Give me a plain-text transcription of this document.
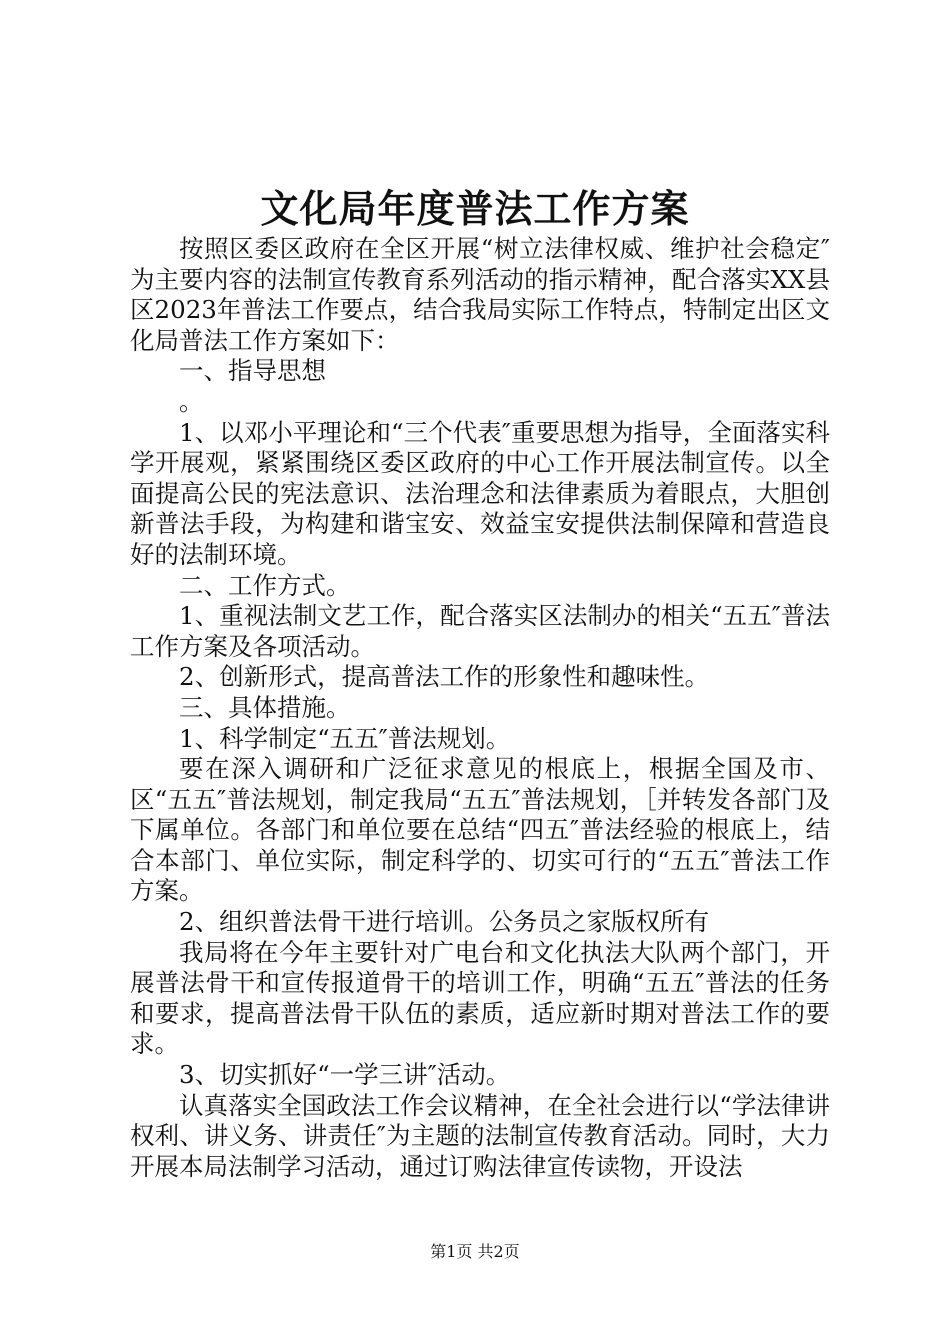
文化局年度普法工作方案

按照区委区政府在全区开展“树立法律权威、维护社会稳定″为主要内容的法制宣传教育系列活动的指示精神，配合落实XX县区2023年普法工作要点，结合我局实际工作特点，特制定出区文化局普法工作方案如下：

一、指导思想

。

1、以邓小平理论和“三个代表″重要思想为指导，全面落实科学开展观，紧紧围绕区委区政府的中心工作开展法制宣传。以全面提高公民的宪法意识、法治理念和法律素质为着眼点，大胆创新普法手段，为构建和谐宝安、效益宝安提供法制保障和营造良好的法制环境。

二、工作方式。

1、重视法制文艺工作，配合落实区法制办的相关“五五″普法工作方案及各项活动。

2、创新形式，提高普法工作的形象性和趣味性。

三、具体措施。

1、科学制定“五五″普法规划。

要在深入调研和广泛征求意见的根底上，根据全国及市、区“五五″普法规划，制定我局“五五″普法规划，［并转发各部门及下属单位。各部门和单位要在总结“四五″普法经验的根底上，结合本部门、单位实际，制定科学的、切实可行的“五五″普法工作方案。

2、组织普法骨干进行培训。公务员之家版权所有

我局将在今年主要针对广电台和文化执法大队两个部门，开展普法骨干和宣传报道骨干的培训工作，明确“五五″普法的任务和要求，提高普法骨干队伍的素质，适应新时期对普法工作的要求。

3、切实抓好“一学三讲″活动。

认真落实全国政法工作会议精神，在全社会进行以“学法律讲权利、讲义务、讲责任″为主题的法制宣传教育活动。同时，大力开展本局法制学习活动，通过订购法律宣传读物，开设法

第1页 共2页
